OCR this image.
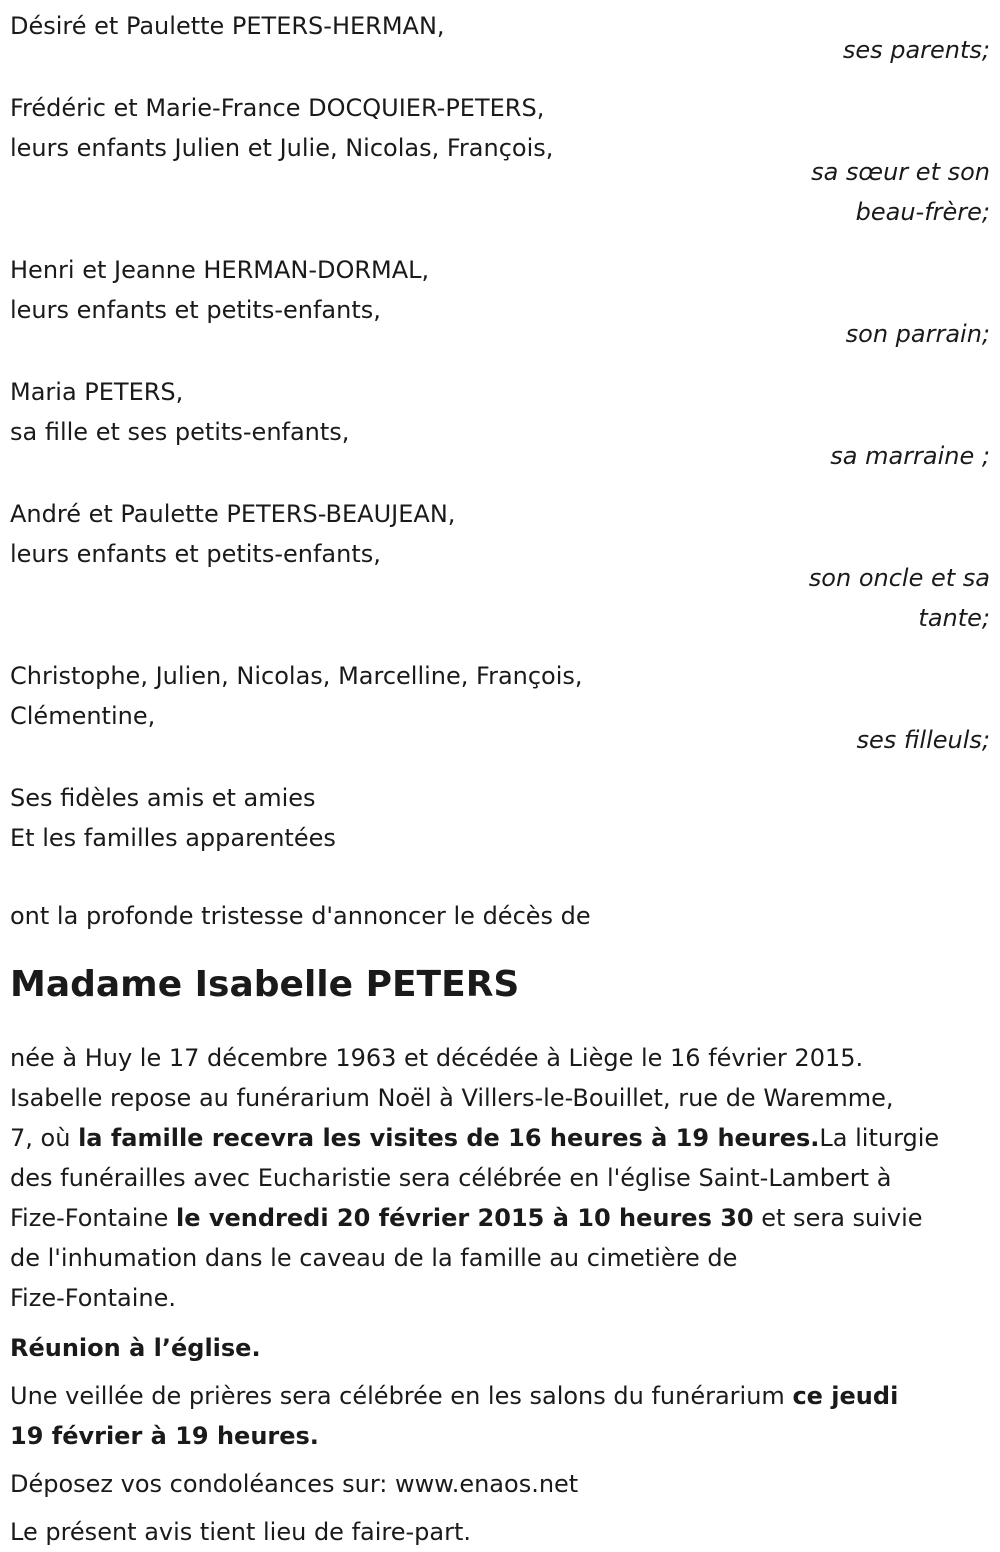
Désiré et Paulette PETERS-HERMAN,
ses parents;
Frédéric et Marie-France DOCQUIER-PETERS,
leurs enfants Julien et Julie, Nicolas, François,
sa sœur et son
beau-frère;
Henri et Jeanne HERMAN-DORMAL,
leurs enfants et petits-enfants,
son parrain;
Maria PETERS,
sa fille et ses petits-enfants,
sa marraine ;
André et Paulette PETERS-BEAUJEAN,
leurs enfants et petits-enfants,
son oncle et sa
tante;
Christophe, Julien, Nicolas, Marcelline, François,
Clémentine,
ses filleuls;
Ses fidèles amis et amies
Et les familles apparentées
ont la profonde tristesse d'annoncer le décès de
Madame Isabelle PETERS
née à Huy le 17 décembre 1963 et décédée à Liège le 16 février 2015.
Isabelle repose au funérarium Noël à Villers-le-Bouillet, rue de Waremme,
7, où la famille recevra les visites de 16 heures à 19 heures.La liturgie
des funérailles avec Eucharistie sera célébrée en l'église Saint-Lambert à
Fize-Fontaine le vendredi 20 février 2015 à 10 heures 30 et sera suivie
de l'inhumation dans le caveau de la famille au cimetière de
Fize-Fontaine.
Réunion à l’église.
Une veillée de prières sera célébrée en les salons du funérarium ce jeudi
19 février à 19 heures.
Déposez vos condoléances sur: www.enaos.net
Le présent avis tient lieu de faire-part.
